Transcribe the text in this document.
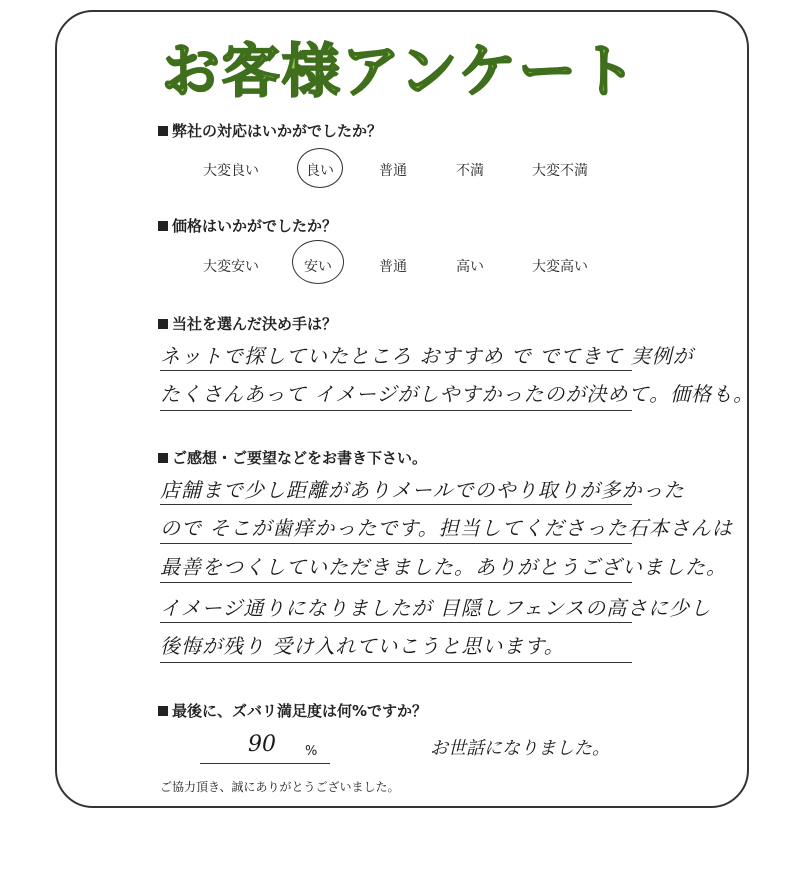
お客様アンケート
弊社の対応はいかがでしたか？
大変良い	良い	普通	不満	大変不満
価格はいかがでしたか？
大変安い	安い	普通	高い	大変高い
当社を選んだ決め手は？
ネットで探していたところ おすすめ で でてきて 実例が
たくさんあって イメージがしやすかったのが決めて。価格も。
ご感想・ご要望などをお書き下さい。
店舗まで少し距離がありメールでのやり取りが多かった
ので そこが歯痒かったです。担当してくださった石本さんは
最善をつくしていただきました。ありがとうございました。
イメージ通りになりましたが 目隠しフェンスの高さに少し
後悔が残り 受け入れていこうと思います。
最後に、ズバリ満足度は何%ですか？
90 %	お世話になりました。
ご協力頂き、誠にありがとうございました。
